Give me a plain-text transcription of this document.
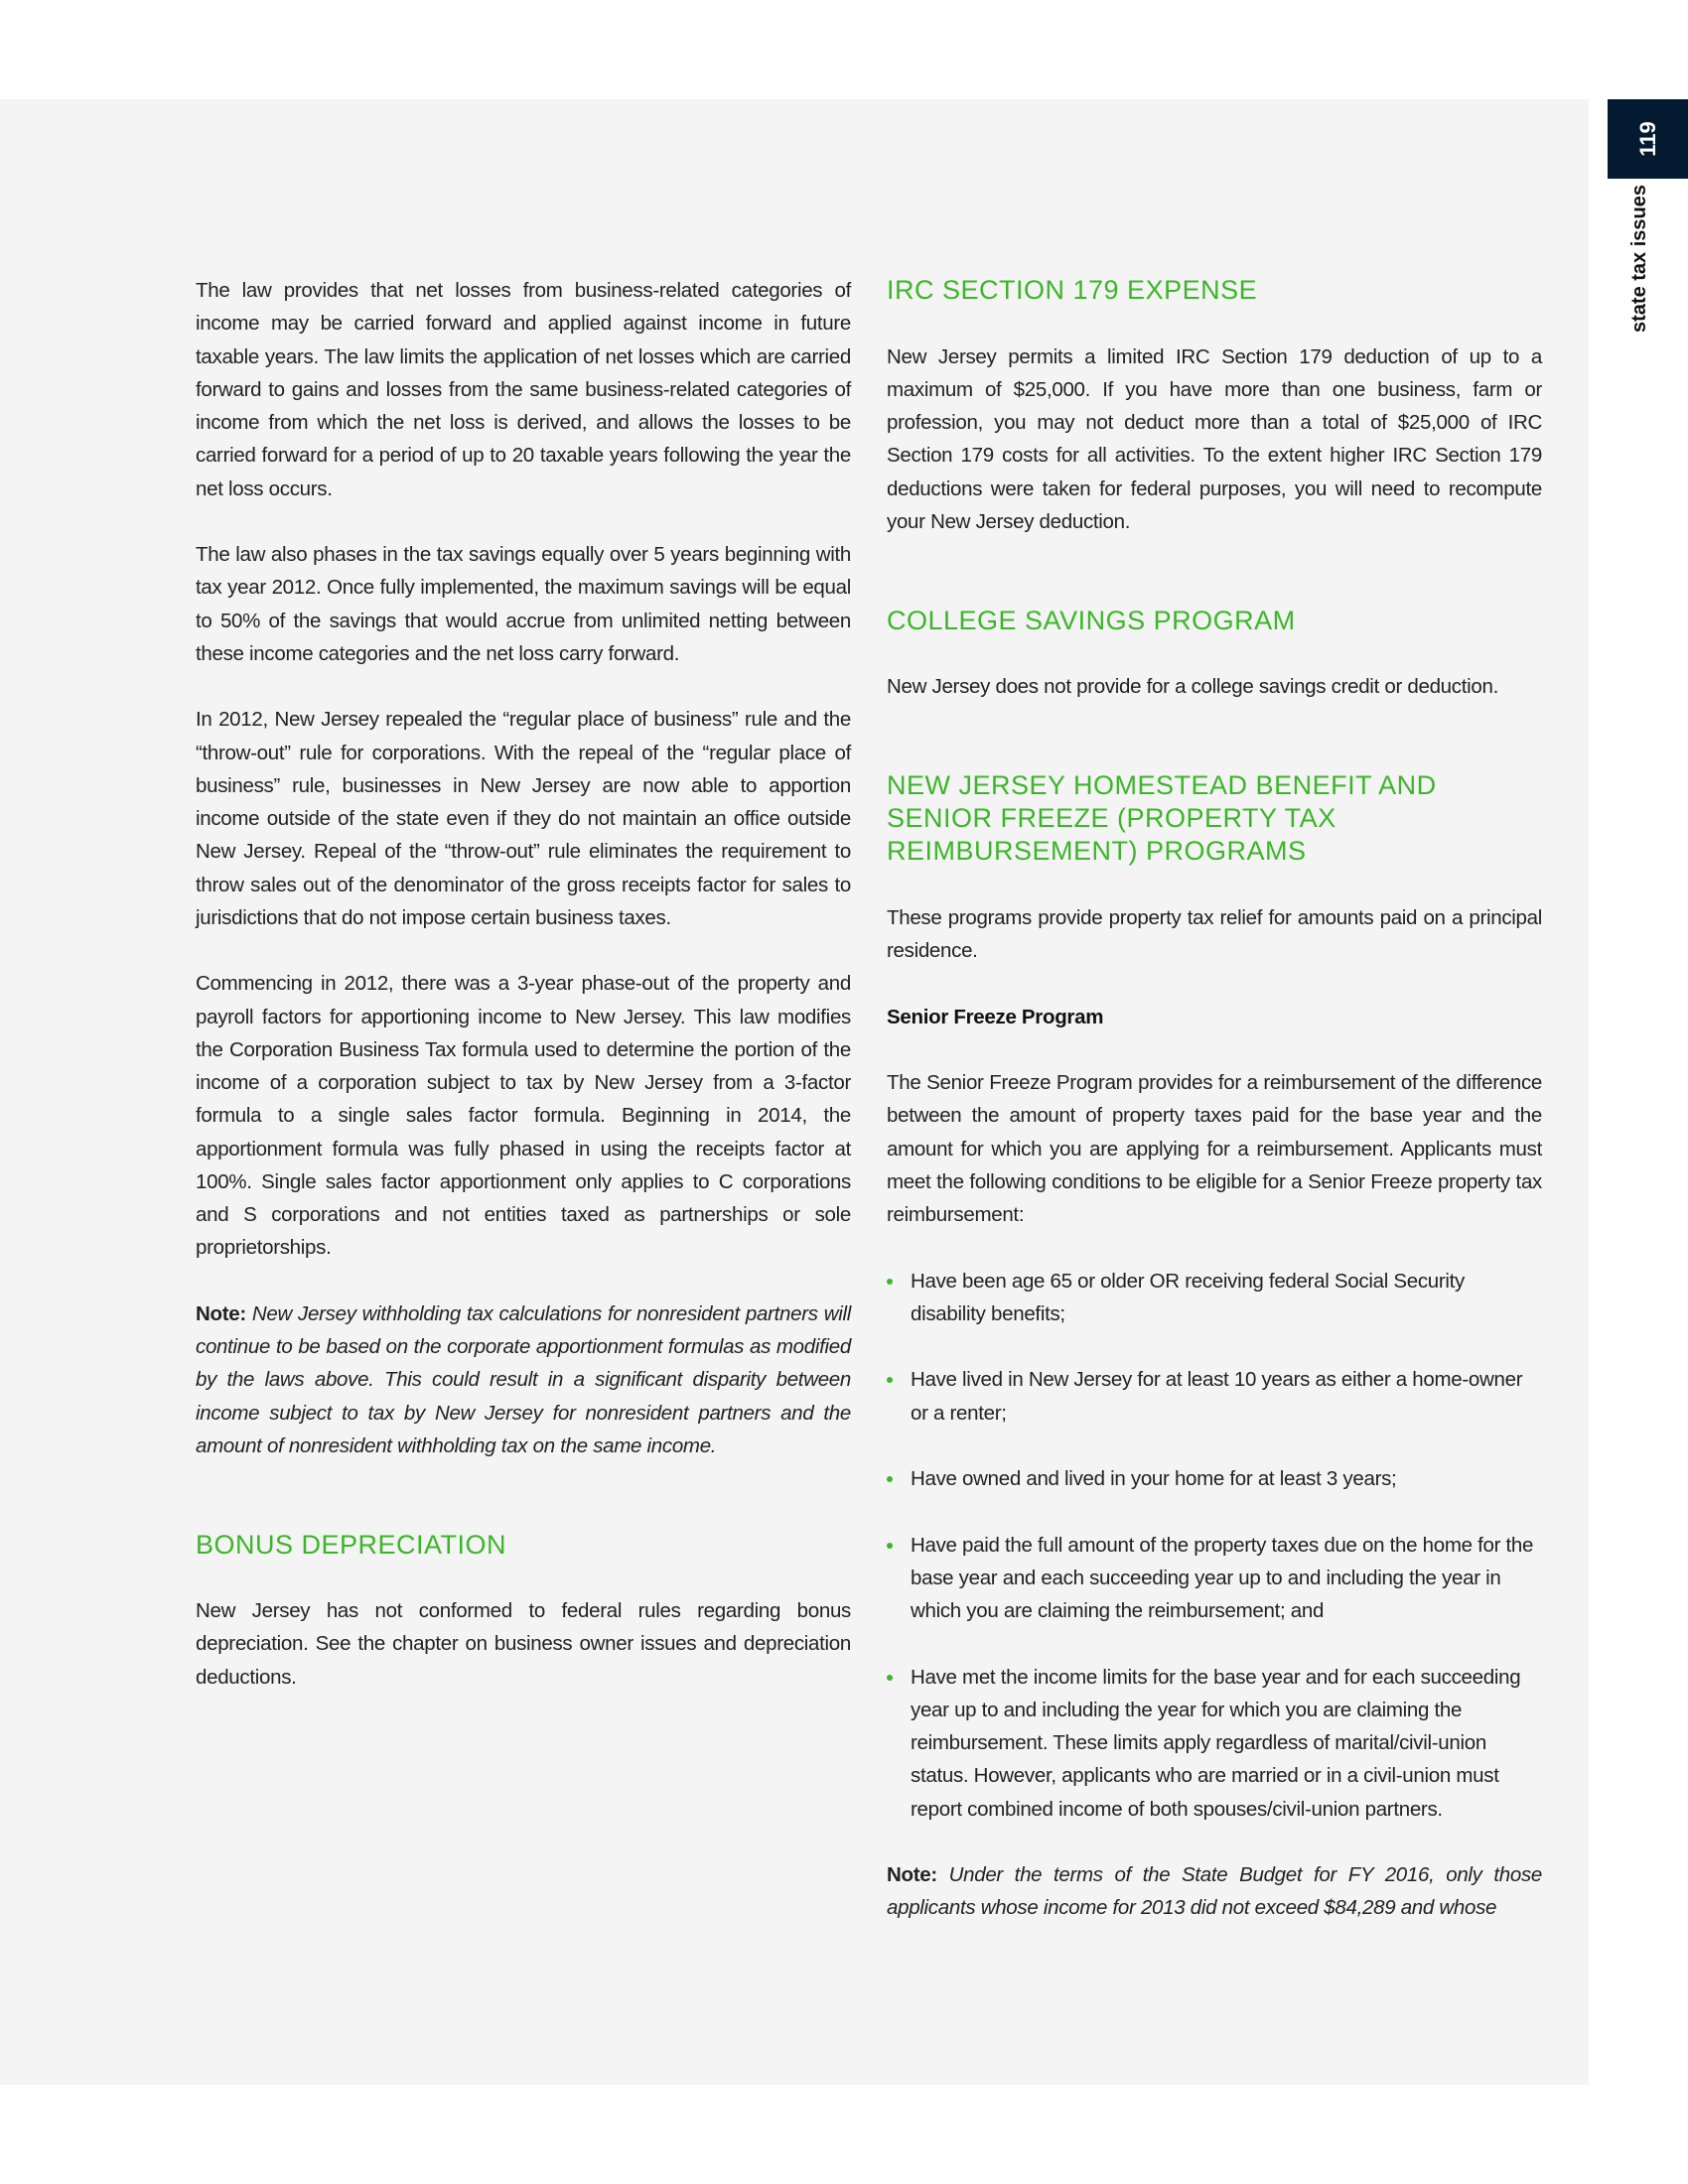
119
state tax issues

The law provides that net losses from business-related categories of income may be carried forward and applied against income in future taxable years. The law limits the application of net losses which are carried forward to gains and losses from the same business-related categories of income from which the net loss is derived, and allows the losses to be carried forward for a period of up to 20 taxable years following the year the net loss occurs.

The law also phases in the tax savings equally over 5 years beginning with tax year 2012. Once fully implemented, the maximum savings will be equal to 50% of the savings that would accrue from unlimited netting between these income categories and the net loss carry forward.

In 2012, New Jersey repealed the “regular place of business” rule and the “throw-out” rule for corporations. With the repeal of the “regular place of business” rule, businesses in New Jersey are now able to apportion income outside of the state even if they do not maintain an office outside New Jersey. Repeal of the “throw-out” rule eliminates the requirement to throw sales out of the denominator of the gross receipts factor for sales to jurisdictions that do not impose certain business taxes.

Commencing in 2012, there was a 3-year phase-out of the property and payroll factors for apportioning income to New Jersey. This law modifies the Corporation Business Tax formula used to determine the portion of the income of a corporation subject to tax by New Jersey from a 3-factor formula to a single sales factor formula. Beginning in 2014, the apportionment formula was fully phased in using the receipts factor at 100%. Single sales factor apportionment only applies to C corporations and S corporations and not entities taxed as partnerships or sole proprietorships.

Note: New Jersey withholding tax calculations for nonresident partners will continue to be based on the corporate apportionment formulas as modified by the laws above. This could result in a significant disparity between income subject to tax by New Jersey for nonresident partners and the amount of nonresident withholding tax on the same income.

BONUS DEPRECIATION

New Jersey has not conformed to federal rules regarding bonus depreciation. See the chapter on business owner issues and depreciation deductions.

IRC SECTION 179 EXPENSE

New Jersey permits a limited IRC Section 179 deduction of up to a maximum of $25,000. If you have more than one business, farm or profession, you may not deduct more than a total of $25,000 of IRC Section 179 costs for all activities. To the extent higher IRC Section 179 deductions were taken for federal purposes, you will need to recompute your New Jersey deduction.

COLLEGE SAVINGS PROGRAM

New Jersey does not provide for a college savings credit or deduction.

NEW JERSEY HOMESTEAD BENEFIT AND SENIOR FREEZE (PROPERTY TAX REIMBURSEMENT) PROGRAMS

These programs provide property tax relief for amounts paid on a principal residence.

Senior Freeze Program

The Senior Freeze Program provides for a reimbursement of the difference between the amount of property taxes paid for the base year and the amount for which you are applying for a reimbursement. Applicants must meet the following conditions to be eligible for a Senior Freeze property tax reimbursement:

Have been age 65 or older OR receiving federal Social Security disability benefits;
Have lived in New Jersey for at least 10 years as either a home-owner or a renter;
Have owned and lived in your home for at least 3 years;
Have paid the full amount of the property taxes due on the home for the base year and each succeeding year up to and including the year in which you are claiming the reimbursement; and
Have met the income limits for the base year and for each succeeding year up to and including the year for which you are claiming the reimbursement. These limits apply regardless of marital/civil-union status. However, applicants who are married or in a civil-union must report combined income of both spouses/civil-union partners.

Note: Under the terms of the State Budget for FY 2016, only those applicants whose income for 2013 did not exceed $84,289 and whose
